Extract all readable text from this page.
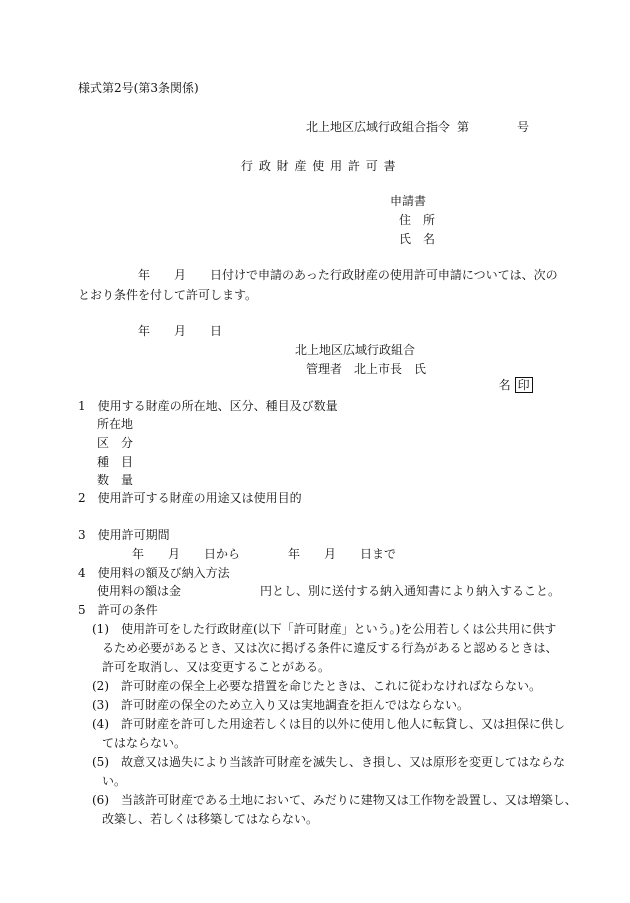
様式第2号(第3条関係)
北上地区広域行政組合指令 第	号
行 政 財 産 使 用 許 可 書
申請書
住　所
氏　名
年　　月　　日付けで申請のあった行政財産の使用許可申請については、次の
とおり条件を付して許可します。
年　　月　　日
北上地区広域行政組合
管理者　北上市長　氏

名 印

1　使用する財産の所在地、区分、種目及び数量
所在地
区　分
種　目
数　量
2　使用許可する財産の用途又は使用目的
3　使用許可期間
年　　月　　日から　　　　年　　月　　日まで
4　使用料の額及び納入方法
使用料の額は金	円とし、別に送付する納入通知書により納入すること。
5　許可の条件
(1)　使用許可をした行政財産(以下「許可財産」という。)を公用若しくは公共用に供す
るため必要があるとき、又は次に掲げる条件に違反する行為があると認めるときは、
許可を取消し、又は変更することがある。
(2)　許可財産の保全上必要な措置を命じたときは、これに従わなければならない。
(3)　許可財産の保全のため立入り又は実地調査を拒んではならない。
(4)　許可財産を許可した用途若しくは目的以外に使用し他人に転貸し、又は担保に供し
てはならない。
(5)　故意又は過失により当該許可財産を滅失し、き損し、又は原形を変更してはならな
い。
(6)　当該許可財産である土地において、みだりに建物又は工作物を設置し、又は増築し、
改築し、若しくは移築してはならない。
